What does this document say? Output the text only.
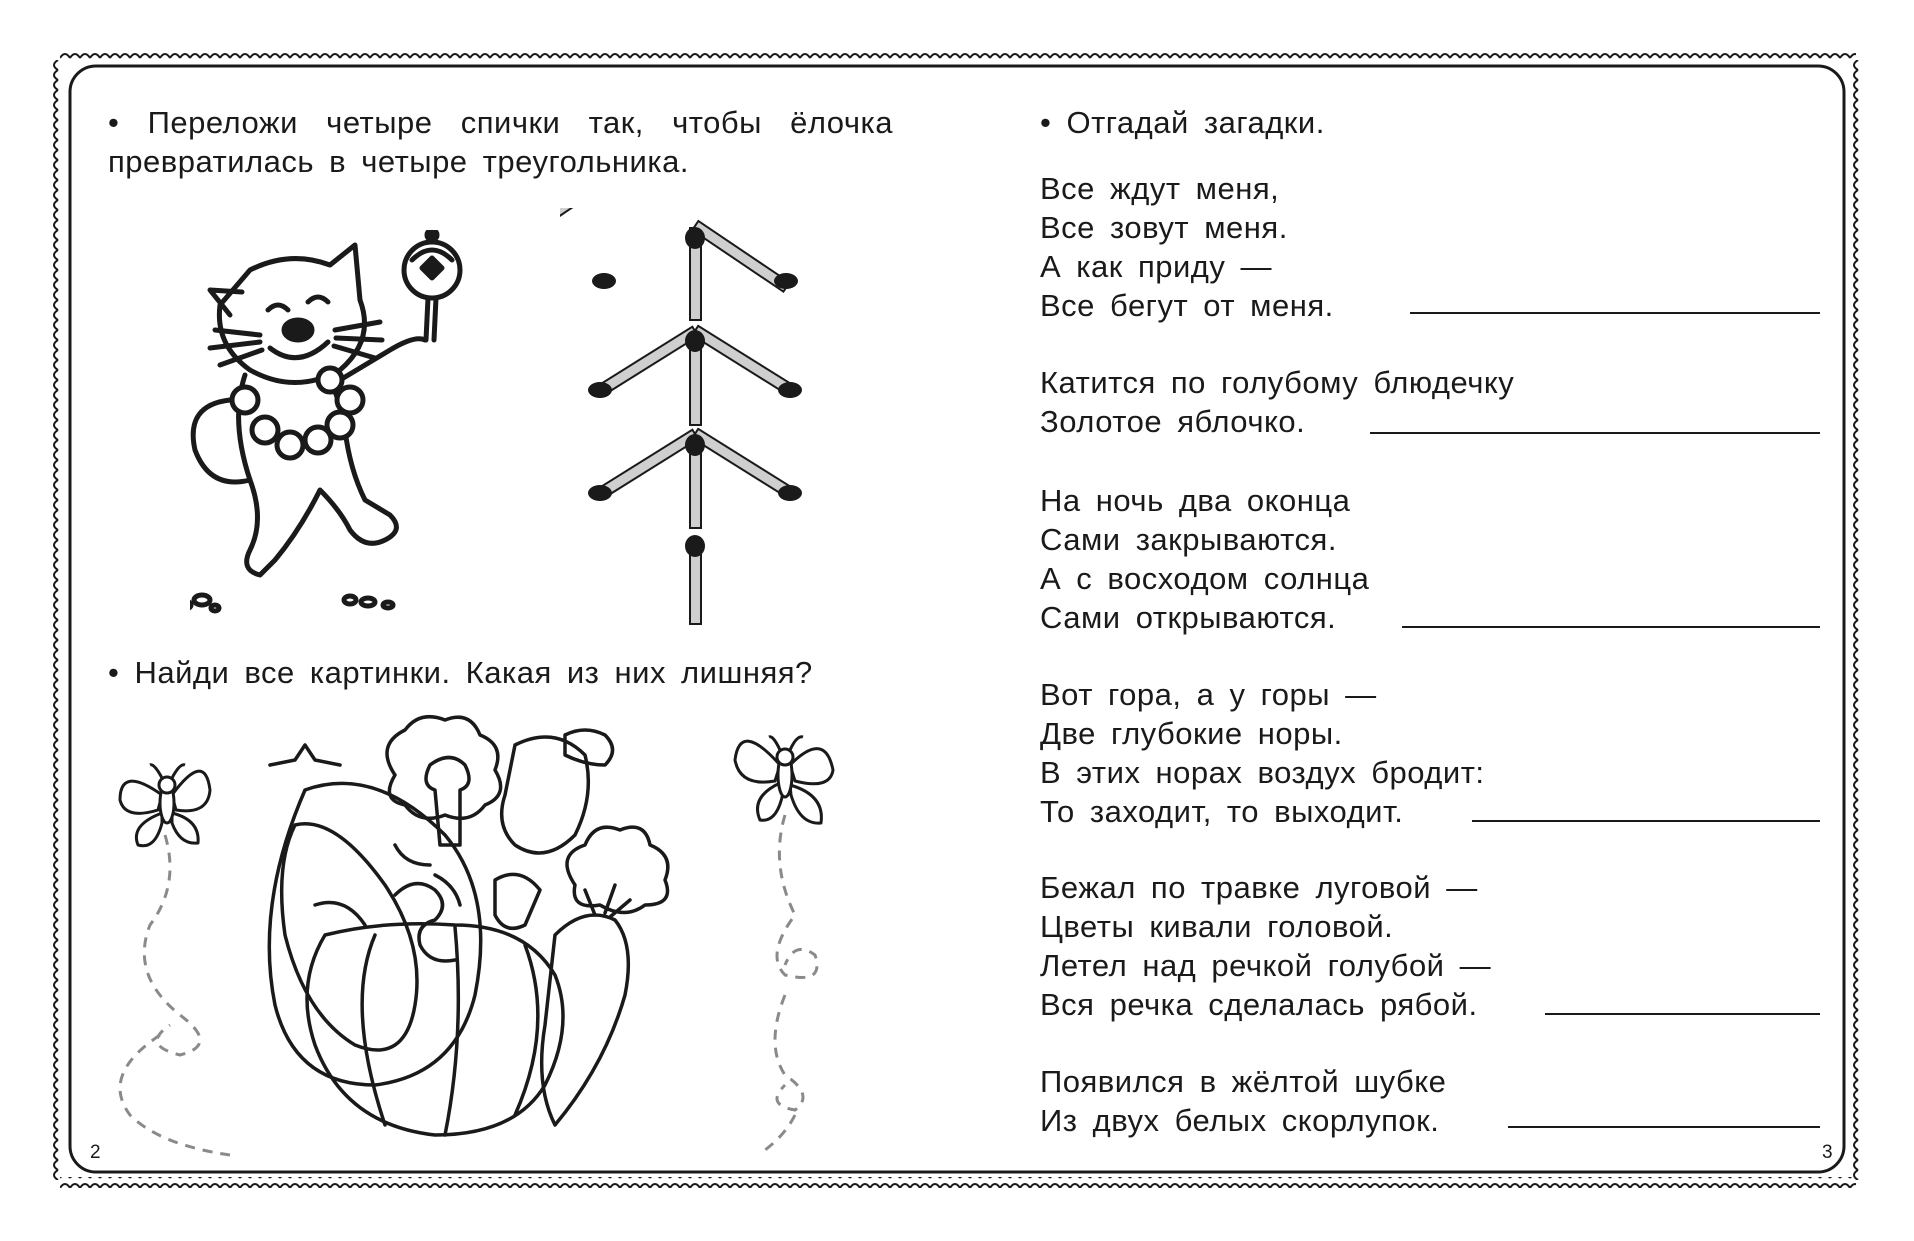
• Переложи четыре спички так, чтобы ёлочка превратилась в четыре треугольника.
• Найди все картинки. Какая из них лишняя?
2
• Отгадай загадки.
Все ждут меня,
Все зовут меня.
А как приду —
Все бегут от меня.
Катится по голубому блюдечку
Золотое яблочко.
На ночь два оконца
Сами закрываются.
А с восходом солнца
Сами открываются.
Вот гора, а у горы —
Две глубокие норы.
В этих норах воздух бродит:
То заходит, то выходит.
Бежал по травке луговой —
Цветы кивали головой.
Летел над речкой голубой —
Вся речка сделалась рябой.
Появился в жёлтой шубке
Из двух белых скорлупок.
3
